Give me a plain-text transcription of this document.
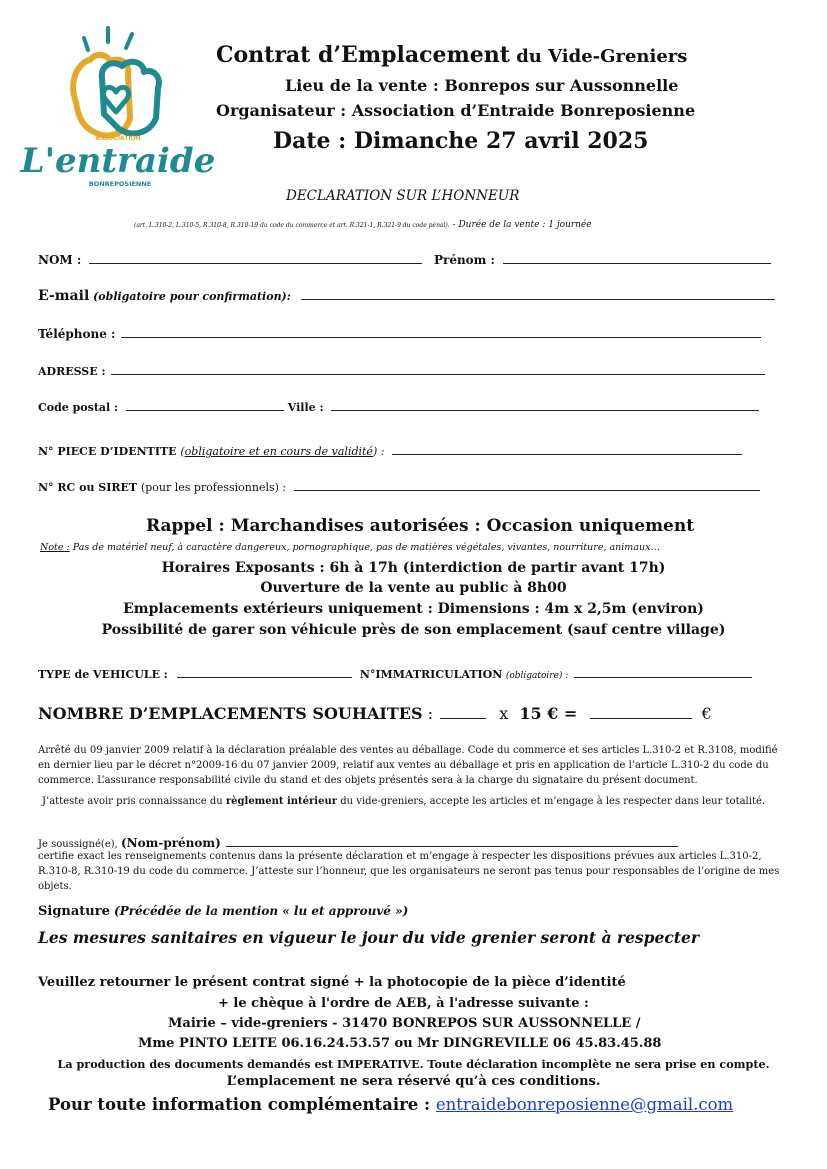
ASSOCIATION
L'entraide
BONREPOSIENNE
Contrat d’Emplacement du Vide-Greniers
Lieu de la vente : Bonrepos sur Aussonnelle
Organisateur : Association d’Entraide Bonreposienne
Date : Dimanche 27 avril 2025
DECLARATION SUR L’HONNEUR
(art. L.310-2, L.310-5, R.310-8, R.310-19 du code du commerce et art. R.321-1, R.321-9 du code pénal). - Durée de la vente : 1 journée
NOM :	Prénom :
E-mail (obligatoire pour confirmation):
Téléphone :
ADRESSE :
Code postal :	Ville :
N° PIECE D’IDENTITE (obligatoire et en cours de validité) :
N° RC ou SIRET (pour les professionnels) :
Rappel : Marchandises autorisées : Occasion uniquement
Note : Pas de matériel neuf, à caractère dangereux, pornographique, pas de matières végétales, vivantes, nourriture, animaux…
Horaires Exposants : 6h à 17h (interdiction de partir avant 17h)
Ouverture de la vente au public à 8h00
Emplacements extérieurs uniquement : Dimensions : 4m x 2,5m (environ)
Possibilité de garer son véhicule près de son emplacement (sauf centre village)
TYPE de VEHICULE :	N°IMMATRICULATION (obligatoire) :
NOMBRE D’EMPLACEMENTS SOUHAITES :	x 15 € =	€
Arrêté du 09 janvier 2009 relatif à la déclaration préalable des ventes au déballage. Code du commerce et ses articles L.310-2 et R.3108, modifié en dernier lieu par le décret n°2009-16 du 07 janvier 2009, relatif aux ventes au déballage et pris en application de l’article L.310-2 du code du commerce. L’assurance responsabilité civile du stand et des objets présentés sera à la charge du signataire du présent document.
J’atteste avoir pris connaissance du règlement intérieur du vide-greniers, accepte les articles et m’engage à les respecter dans leur totalité.
Je soussigné(e), (Nom-prénom)
certifie exact les renseignements contenus dans la présente déclaration et m’engage à respecter les dispositions prévues aux articles L.310-2, R.310-8, R.310-19 du code du commerce. J’atteste sur l’honneur, que les organisateurs ne seront pas tenus pour responsables de l’origine de mes objets.
Signature (Précédée de la mention « lu et approuvé »)
Les mesures sanitaires en vigueur le jour du vide grenier seront à respecter
Veuillez retourner le présent contrat signé + la photocopie de la pièce d’identité
+ le chèque à l'ordre de AEB, à l'adresse suivante :
Mairie – vide-greniers - 31470 BONREPOS SUR AUSSONNELLE /
Mme PINTO LEITE 06.16.24.53.57 ou Mr DINGREVILLE 06 45.83.45.88
La production des documents demandés est IMPERATIVE. Toute déclaration incomplète ne sera prise en compte.
L’emplacement ne sera réservé qu’à ces conditions.
Pour toute information complémentaire : entraidebonreposienne@gmail.com
